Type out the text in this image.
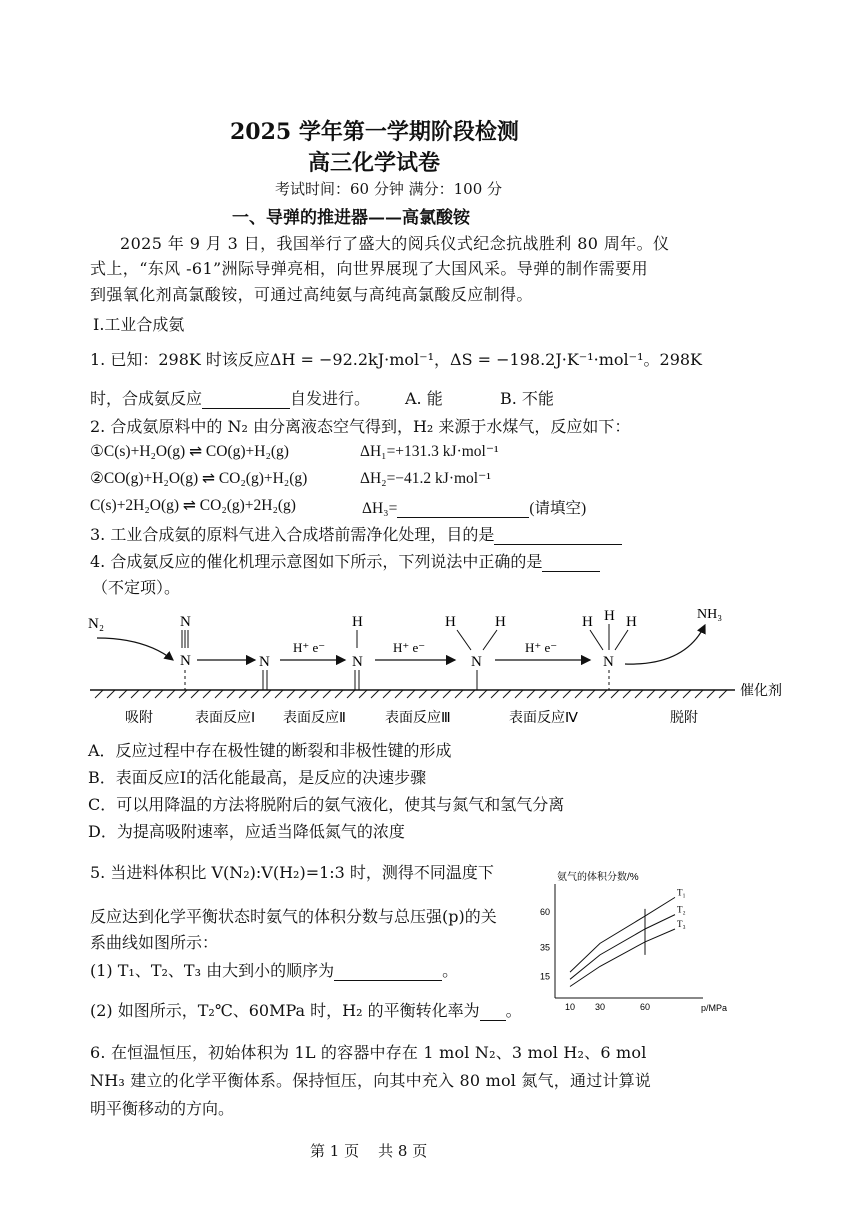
2025 学年第一学期阶段检测
高三化学试卷
考试时间：60 分钟 满分：100 分
一、导弹的推进器——高氯酸铵
2025 年 9 月 3 日，我国举行了盛大的阅兵仪式纪念抗战胜利 80 周年。仪
式上，“东风 -61”洲际导弹亮相，向世界展现了大国风采。导弹的制作需要用
到强氧化剂高氯酸铵，可通过高纯氨与高纯高氯酸反应制得。
Ⅰ.工业合成氨
1. 已知：298K 时该反应ΔH = −92.2kJ·mol⁻¹，ΔS = −198.2J·K⁻¹·mol⁻¹。298K
时，合成氨反应	自发进行。 A. 能	B. 不能
2. 合成氨原料中的 N₂ 由分离液态空气得到，H₂ 来源于水煤气，反应如下：
①C(s)+H₂O(g) ⇌ CO(g)+H₂(g)	ΔH₁=+131.3 kJ·mol⁻¹
②CO(g)+H₂O(g) ⇌ CO₂(g)+H₂(g)	ΔH₂=−41.2 kJ·mol⁻¹
C(s)+2H₂O(g) ⇌ CO₂(g)+2H₂(g)	ΔH₃=	(请填空)
3. 工业合成氨的原料气进入合成塔前需净化处理，目的是
4. 合成氨反应的催化机理示意图如下所示，下列说法中正确的是
（不定项）。
催化剂
N₂	N
N	N
H⁺ e⁻
H
N
H⁺ e⁻
H	H
N
H⁺ e⁻
H H H
N
NH₃
吸附	表面反应Ⅰ 表面反应Ⅱ	表面反应Ⅲ	表面反应Ⅳ	脱附
A．反应过程中存在极性键的断裂和非极性键的形成
B．表面反应Ⅰ的活化能最高，是反应的决速步骤
C．可以用降温的方法将脱附后的氨气液化，使其与氮气和氢气分离
D．为提高吸附速率，应适当降低氮气的浓度
5. 当进料体积比 V(N₂):V(H₂)=1:3 时，测得不同温度下
反应达到化学平衡状态时氨气的体积分数与总压强(p)的关
系曲线如图所示：
(1) T₁、T₂、T₃ 由大到小的顺序为	。
(2) 如图所示，T₂℃、60MPa 时，H₂ 的平衡转化率为 。
氨气的体积分数/%
p/MPa
10 30	60
15
35
60
T₁
T₂
T₃
6. 在恒温恒压，初始体积为 1L 的容器中存在 1 mol N₂、3 mol H₂、6 mol
NH₃ 建立的化学平衡体系。保持恒压，向其中充入 80 mol 氮气，通过计算说
明平衡移动的方向。
第 1 页    共 8 页
